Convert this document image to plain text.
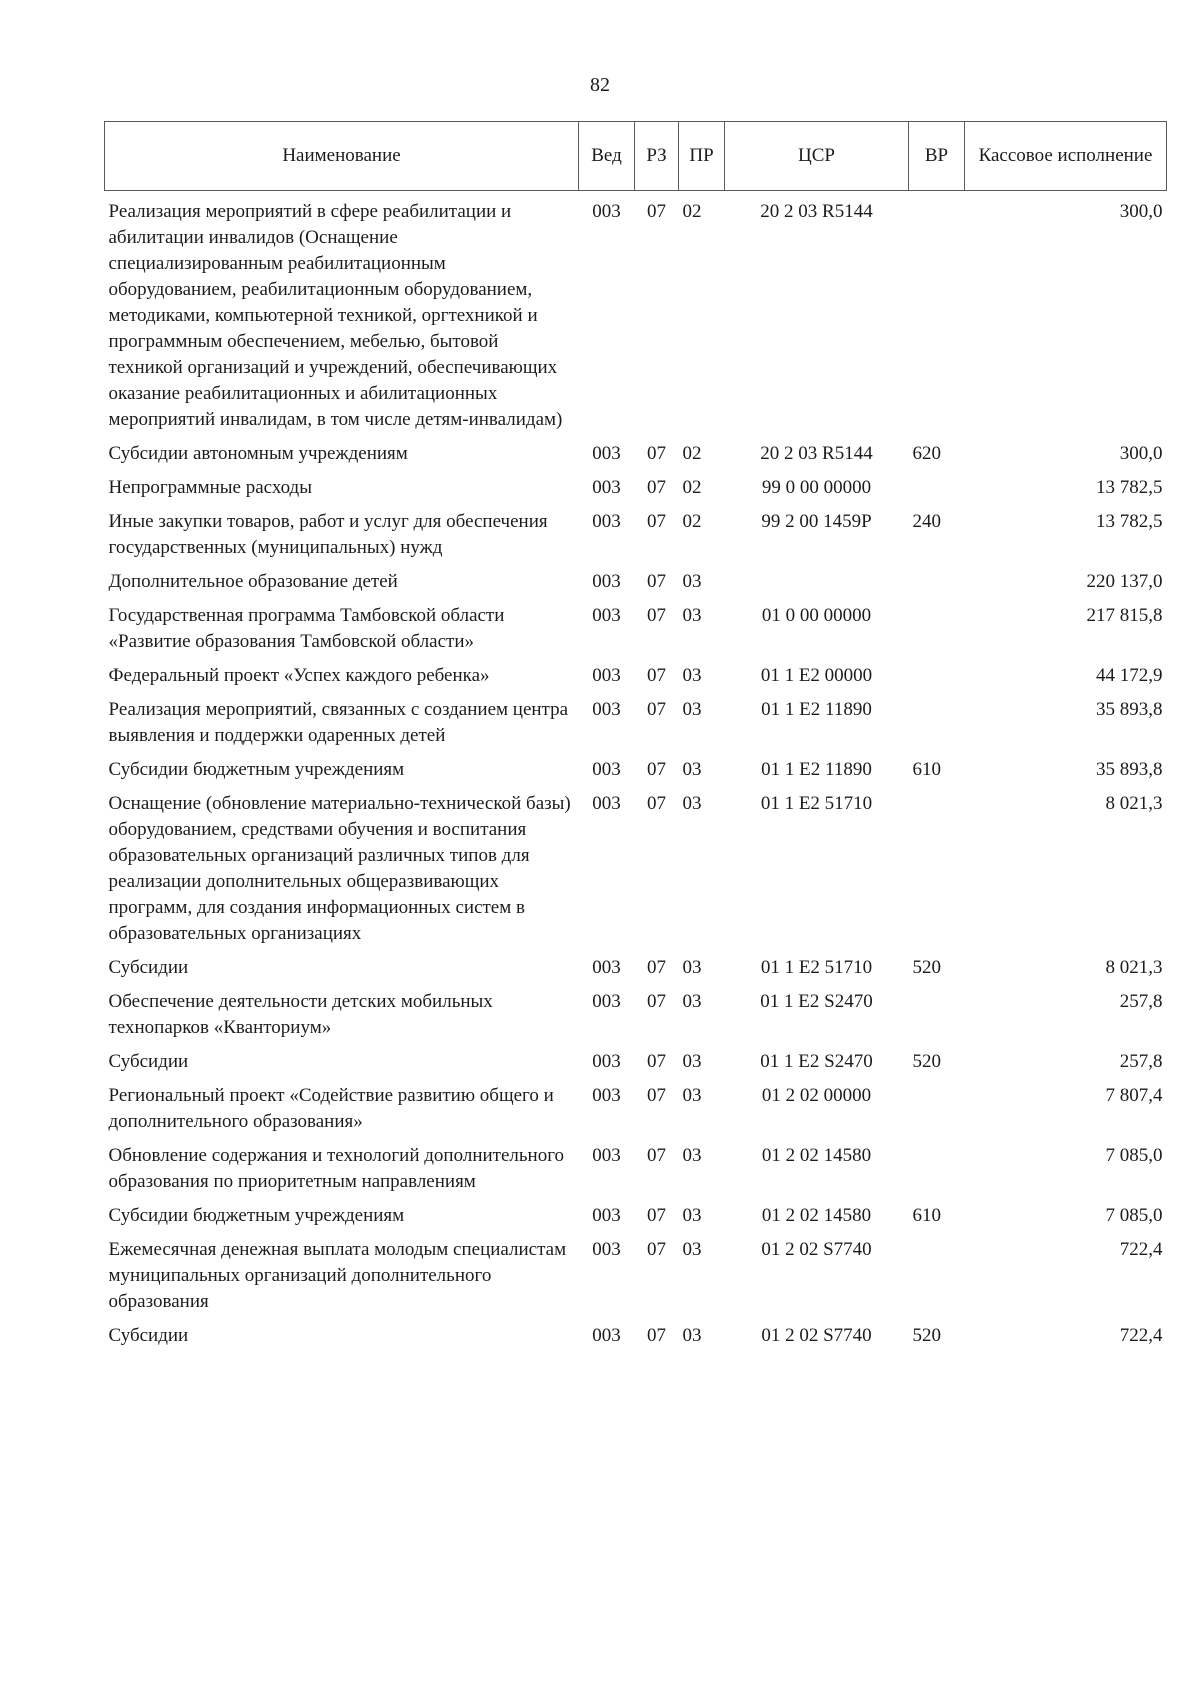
82
Наименование	Вед	РЗ	ПР	ЦСР	ВР	Кассовое исполнение
Реализация мероприятий в сфере реабилитации и абилитации инвалидов (Оснащение специализированным реабилитационным оборудованием, реабилитационным оборудованием, методиками, компьютерной техникой, оргтехникой и программным обеспечением, мебелью, бытовой техникой организаций и учреждений, обеспечивающих оказание реабилитационных и абилитационных мероприятий инвалидам, в том числе детям-инвалидам)	003	07	02	20 2 03 R5144		300,0
Субсидии автономным учреждениям	003	07	02	20 2 03 R5144	620	300,0
Непрограммные расходы	003	07	02	99 0 00 00000		13 782,5
Иные закупки товаров, работ и услуг для обеспечения государственных (муниципальных) нужд	003	07	02	99 2 00 1459Р	240	13 782,5
Дополнительное образование детей	003	07	03			220 137,0
Государственная программа Тамбовской области «Развитие образования Тамбовской области»	003	07	03	01 0 00 00000		217 815,8
Федеральный проект «Успех каждого ребенка»	003	07	03	01 1 E2 00000		44 172,9
Реализация мероприятий, связанных с созданием центра выявления и поддержки одаренных детей	003	07	03	01 1 E2 11890		35 893,8
Субсидии бюджетным учреждениям	003	07	03	01 1 E2 11890	610	35 893,8
Оснащение (обновление материально-технической базы) оборудованием, средствами обучения и воспитания образовательных организаций различных типов для реализации дополнительных общеразвивающих программ, для создания информационных систем в образовательных организациях	003	07	03	01 1 E2 51710		8 021,3
Субсидии	003	07	03	01 1 E2 51710	520	8 021,3
Обеспечение деятельности детских мобильных технопарков «Кванториум»	003	07	03	01 1 E2 S2470		257,8
Субсидии	003	07	03	01 1 E2 S2470	520	257,8
Региональный проект «Содействие развитию общего и дополнительного образования»	003	07	03	01 2 02 00000		7 807,4
Обновление содержания и технологий дополнительного образования по приоритетным направлениям	003	07	03	01 2 02 14580		7 085,0
Субсидии бюджетным учреждениям	003	07	03	01 2 02 14580	610	7 085,0
Ежемесячная денежная выплата молодым специалистам муниципальных организаций дополнительного образования	003	07	03	01 2 02 S7740		722,4
Субсидии	003	07	03	01 2 02 S7740	520	722,4
